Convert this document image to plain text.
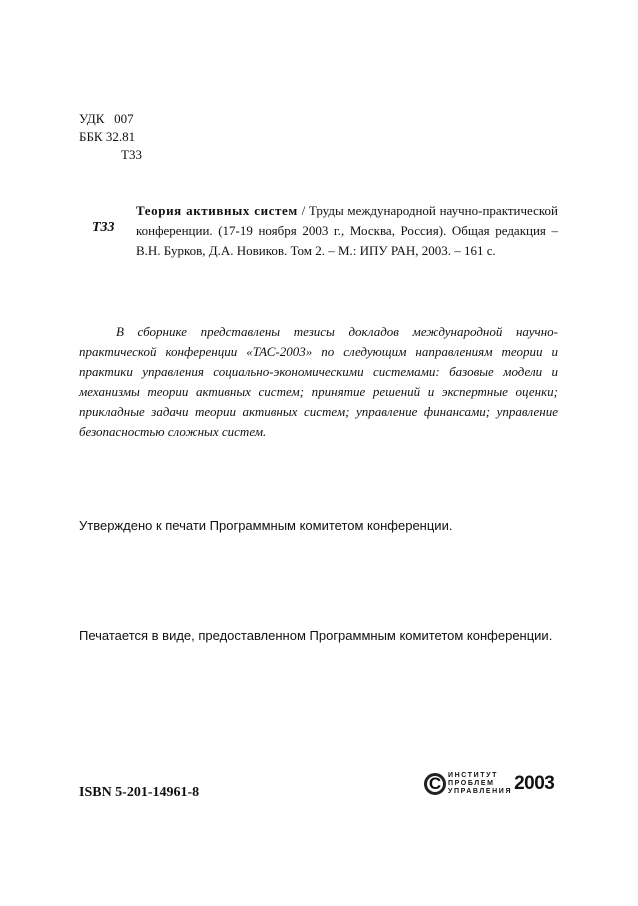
УДК   007
ББК 32.81
Т33
Т33
Теория активных систем / Труды международной научно-практической конференции. (17-19 ноября 2003 г., Москва, Россия). Общая редакция – В.Н. Бурков, Д.А. Новиков. Том 2. – М.: ИПУ РАН, 2003. – 161 с.
В сборнике представлены тезисы докладов международной научно-практической конференции «ТАС-2003» по следующим направлениям теории и практики управления социально-экономическими системами: базовые модели и механизмы теории активных систем; принятие решений и экспертные оценки; прикладные задачи теории активных систем; управление финансами; управление безопасностью сложных систем.
Утверждено к печати Программным комитетом конференции.
Печатается в виде, предоставленном Программным комитетом конференции.
ISBN 5-201-14961-8	С ИНСТИТУТ
ПРОБЛЕМ
УПРАВЛЕНИЯ 2003
